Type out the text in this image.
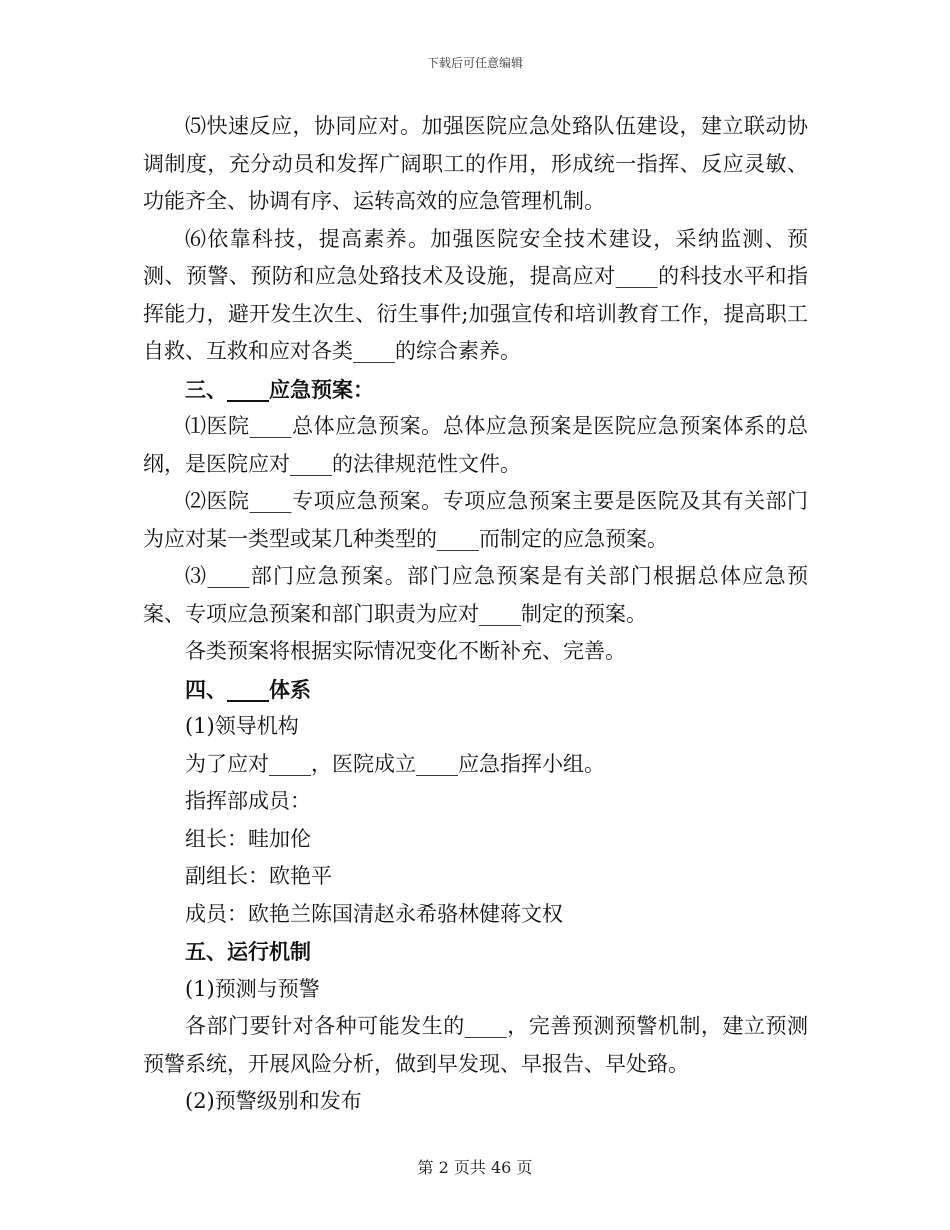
下载后可任意编辑

⑸快速反应，协同应对。加强医院应急处臵队伍建设，建立联动协调制度，充分动员和发挥广阔职工的作用，形成统一指挥、反应灵敏、功能齐全、协调有序、运转高效的应急管理机制。

⑹依靠科技，提高素养。加强医院安全技术建设，采纳监测、预测、预警、预防和应急处臵技术及设施，提高应对____的科技水平和指挥能力，避开发生次生、衍生事件;加强宣传和培训教育工作，提高职工自救、互救和应对各类____的综合素养。

三、____应急预案：

⑴医院____总体应急预案。总体应急预案是医院应急预案体系的总纲，是医院应对____的法律规范性文件。

⑵医院____专项应急预案。专项应急预案主要是医院及其有关部门为应对某一类型或某几种类型的____而制定的应急预案。

⑶____部门应急预案。部门应急预案是有关部门根据总体应急预案、专项应急预案和部门职责为应对____制定的预案。

各类预案将根据实际情况变化不断补充、完善。

四、____体系

(1)领导机构

为了应对____，医院成立____应急指挥小组。

指挥部成员：

组长：畦加伦

副组长：欧艳平

成员：欧艳兰陈国清赵永希骆林健蒋文权

五、运行机制

(1)预测与预警

各部门要针对各种可能发生的____，完善预测预警机制，建立预测预警系统，开展风险分析，做到早发现、早报告、早处臵。

(2)预警级别和发布

第 2 页共 46 页
